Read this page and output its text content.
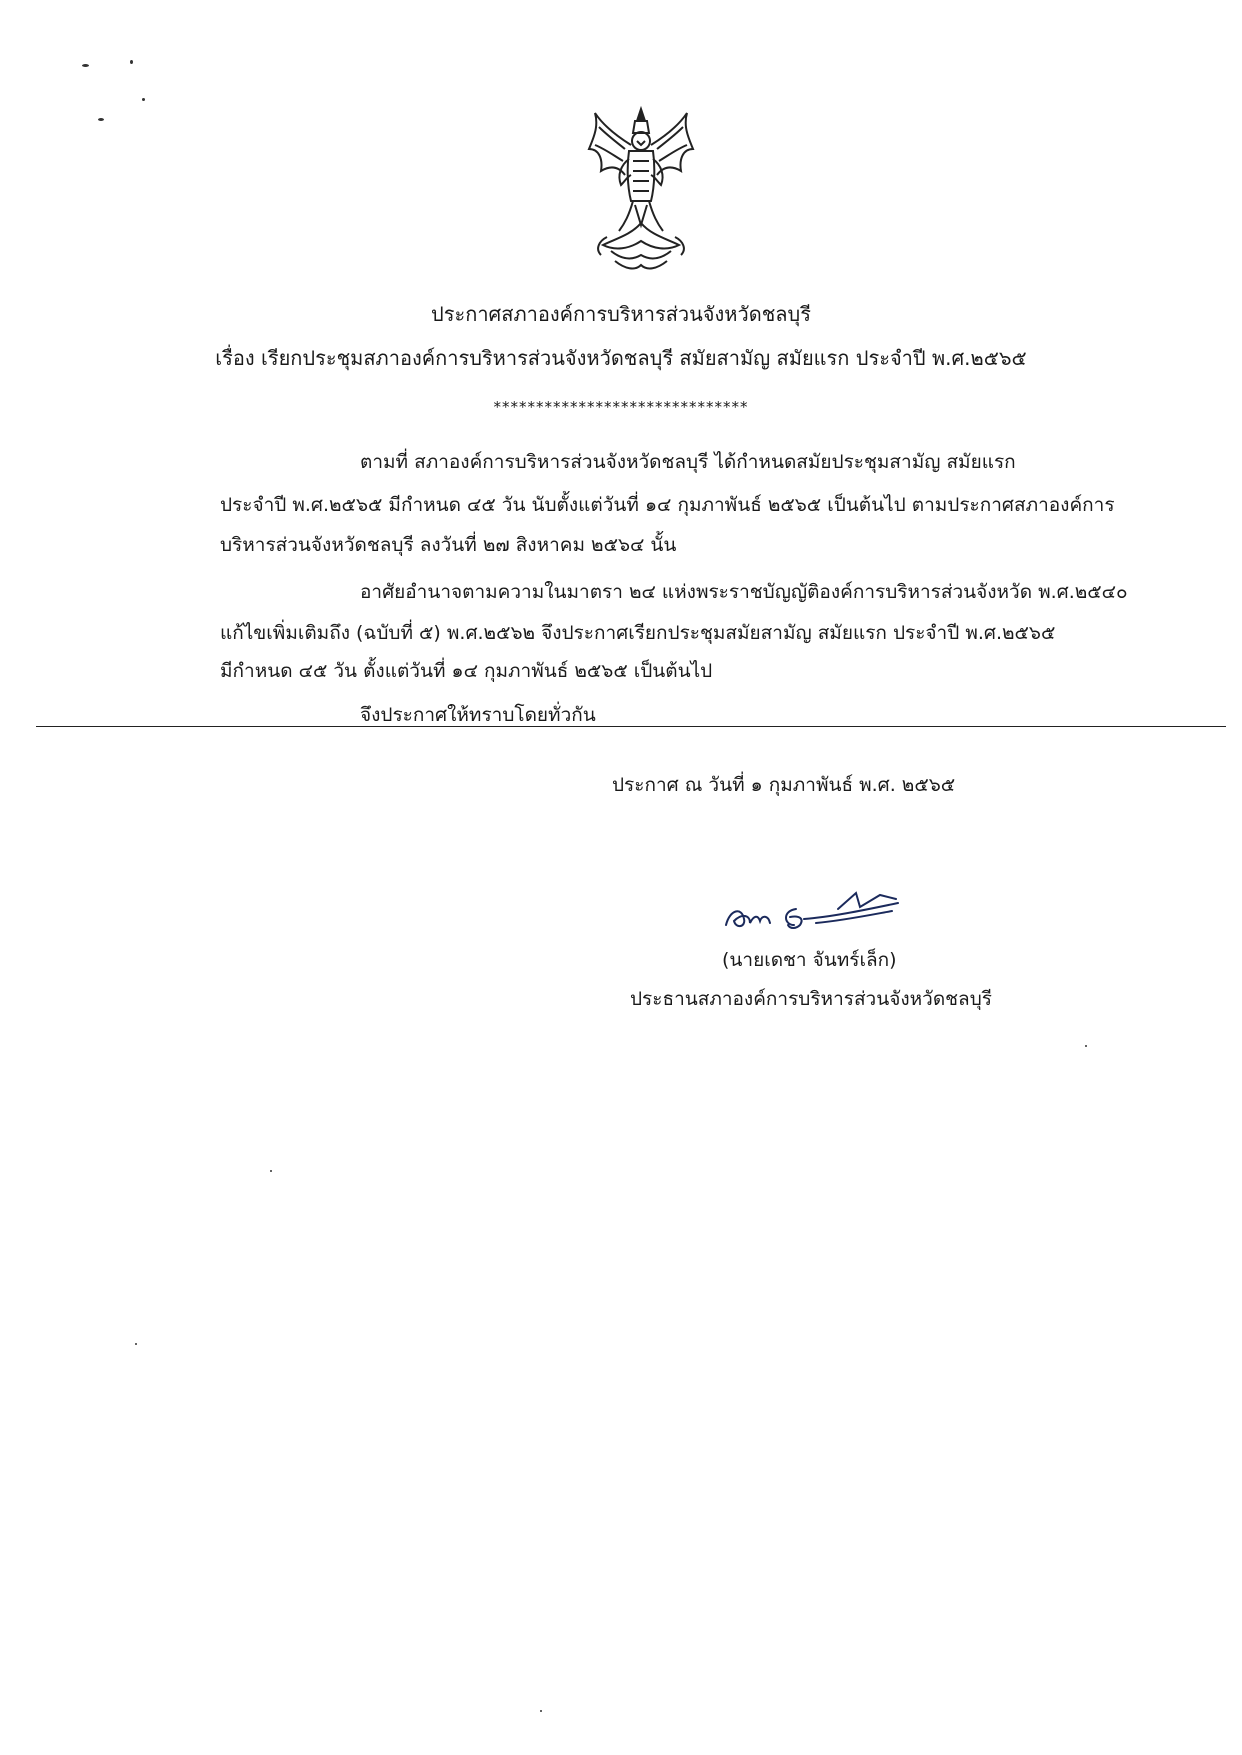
ประกาศสภาองค์การบริหารส่วนจังหวัดชลบุรี
เรื่อง เรียกประชุมสภาองค์การบริหารส่วนจังหวัดชลบุรี สมัยสามัญ สมัยแรก ประจำปี พ.ศ.๒๕๖๕
******************************
ตามที่ สภาองค์การบริหารส่วนจังหวัดชลบุรี ได้กำหนดสมัยประชุมสามัญ สมัยแรก
ประจำปี พ.ศ.๒๕๖๕ มีกำหนด ๔๕ วัน นับตั้งแต่วันที่ ๑๔ กุมภาพันธ์ ๒๕๖๕ เป็นต้นไป ตามประกาศสภาองค์การ
บริหารส่วนจังหวัดชลบุรี ลงวันที่ ๒๗ สิงหาคม ๒๕๖๔ นั้น
อาศัยอำนาจตามความในมาตรา ๒๔ แห่งพระราชบัญญัติองค์การบริหารส่วนจังหวัด พ.ศ.๒๕๔๐
แก้ไขเพิ่มเติมถึง (ฉบับที่ ๕) พ.ศ.๒๕๖๒ จึงประกาศเรียกประชุมสมัยสามัญ สมัยแรก ประจำปี พ.ศ.๒๕๖๕
มีกำหนด ๔๕ วัน ตั้งแต่วันที่ ๑๔ กุมภาพันธ์ ๒๕๖๕ เป็นต้นไป
จึงประกาศให้ทราบโดยทั่วกัน
ประกาศ ณ วันที่ ๑ กุมภาพันธ์ พ.ศ. ๒๕๖๕
(นายเดชา จันทร์เล็ก)
ประธานสภาองค์การบริหารส่วนจังหวัดชลบุรี
